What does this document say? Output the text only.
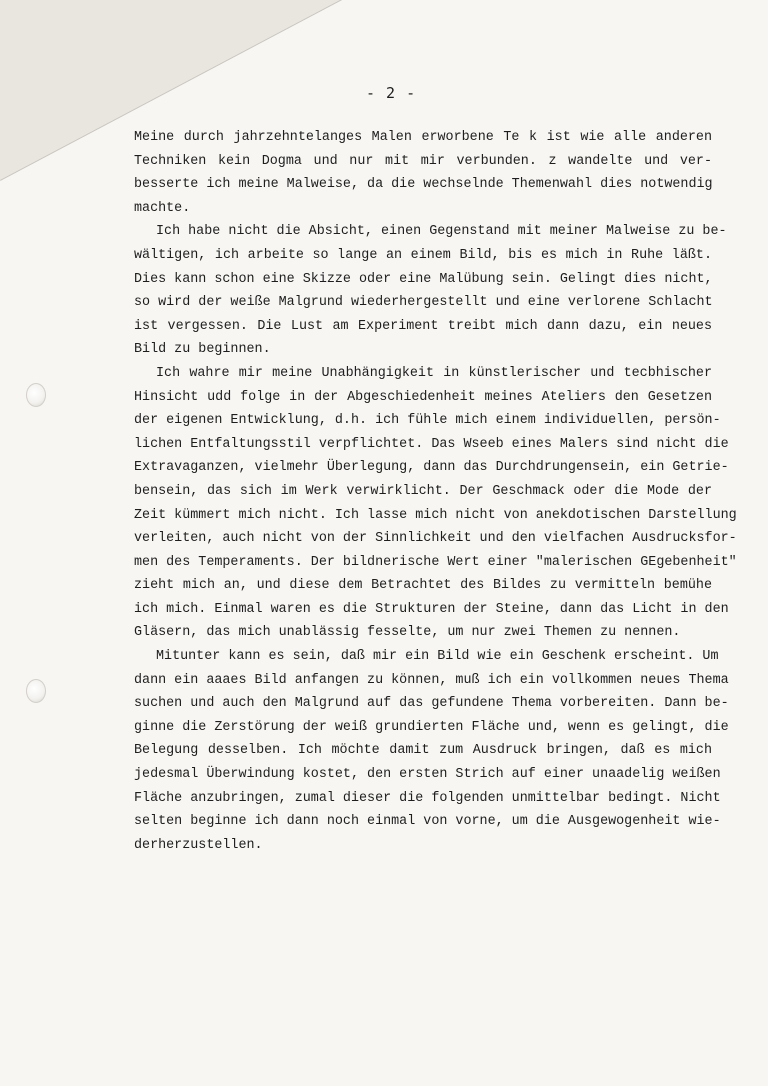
- 2 -

Meine durch jahrzehntelanges Malen erworbene Te k ist wie alle anderen
Techniken kein Dogma und nur mit mir verbunden. z wandelte und ver-
besserte ich meine Malweise, da die wechselnde Themenwahl dies notwendig
machte.

Ich habe nicht die Absicht, einen Gegenstand mit meiner Malweise zu be-
wältigen, ich arbeite so lange an einem Bild, bis es mich in Ruhe läßt.
Dies kann schon eine Skizze oder eine Malübung sein. Gelingt dies nicht,
so wird der weiße Malgrund wiederhergestellt und eine verlorene Schlacht
ist vergessen. Die Lust am Experiment treibt mich dann dazu, ein neues
Bild zu beginnen.

Ich wahre mir meine Unabhängigkeit in künstlerischer und tecbhischer
Hinsicht udd folge in der Abgeschiedenheit meines Ateliers den Gesetzen
der eigenen Entwicklung, d.h. ich fühle mich einem individuellen, persön-
lichen Entfaltungsstil verpflichtet. Das Wseeb eines Malers sind nicht die
Extravaganzen, vielmehr Überlegung, dann das Durchdrungensein, ein Getrie-
bensein, das sich im Werk verwirklicht. Der Geschmack oder die Mode der
Zeit kümmert mich nicht. Ich lasse mich nicht von anekdotischen Darstellung
verleiten, auch nicht von der Sinnlichkeit und den vielfachen Ausdrucksfor-
men des Temperaments. Der bildnerische Wert einer "malerischen GEgebenheit"
zieht mich an, und diese dem Betrachtet des Bildes zu vermitteln bemühe
ich mich. Einmal waren es die Strukturen der Steine, dann das Licht in den
Gläsern, das mich unablässig fesselte, um nur zwei Themen zu nennen.

Mitunter kann es sein, daß mir ein Bild wie ein Geschenk erscheint. Um
dann ein aaaes Bild anfangen zu können, muß ich ein vollkommen neues Thema
suchen und auch den Malgrund auf das gefundene Thema vorbereiten. Dann be-
ginne die Zerstörung der weiß grundierten Fläche und, wenn es gelingt, die
Belegung desselben. Ich möchte damit zum Ausdruck bringen, daß es mich
jedesmal Überwindung kostet, den ersten Strich auf einer unaadelig weißen
Fläche anzubringen, zumal dieser die folgenden unmittelbar bedingt. Nicht
selten beginne ich dann noch einmal von vorne, um die Ausgewogenheit wie-
derherzustellen.
